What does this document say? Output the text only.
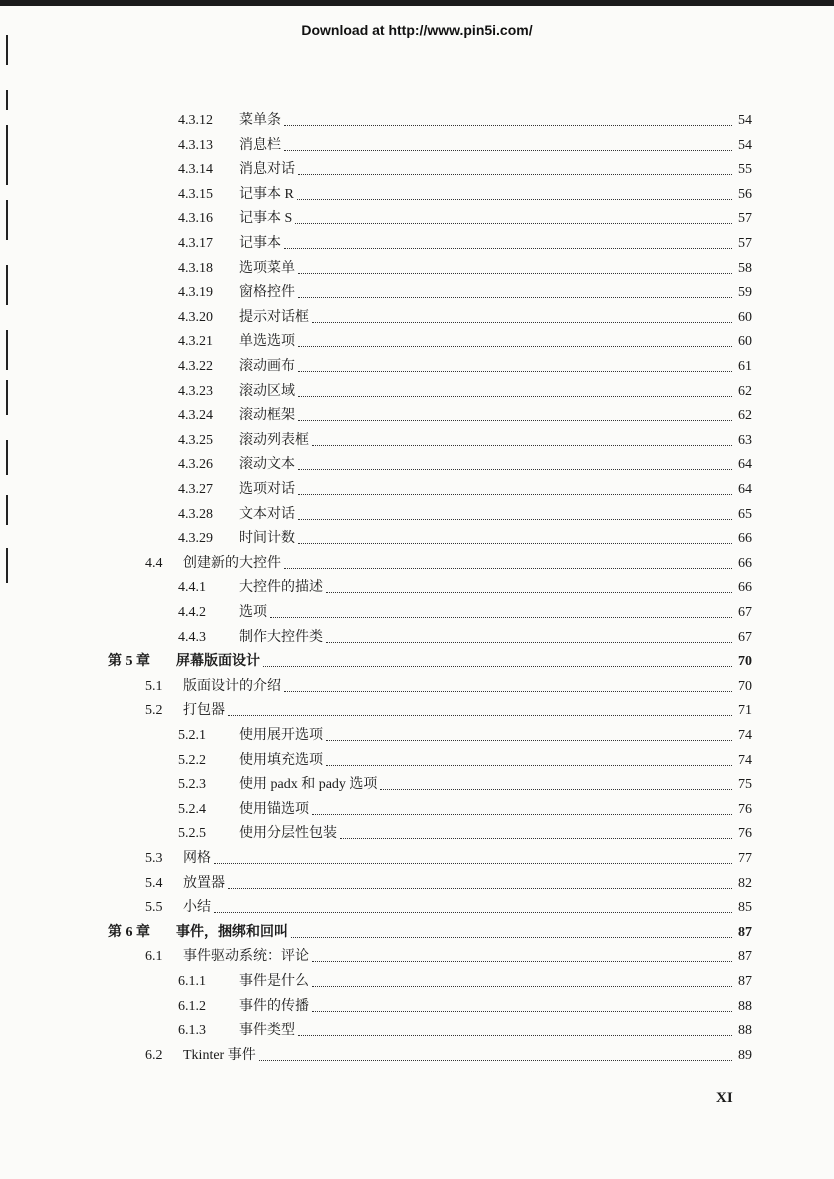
Download at http://www.pin5i.com/
4.3.12	菜单条	54
4.3.13	消息栏	54
4.3.14	消息对话	55
4.3.15	记事本 R	56
4.3.16	记事本 S	57
4.3.17	记事本	57
4.3.18	选项菜单	58
4.3.19	窗格控件	59
4.3.20	提示对话框	60
4.3.21	单选选项	60
4.3.22	滚动画布	61
4.3.23	滚动区域	62
4.3.24	滚动框架	62
4.3.25	滚动列表框	63
4.3.26	滚动文本	64
4.3.27	选项对话	64
4.3.28	文本对话	65
4.3.29	时间计数	66
4.4	创建新的大控件	66
4.4.1	大控件的描述	66
4.4.2	选项	67
4.4.3	制作大控件类	67
第 5 章	屏幕版面设计	70
5.1	版面设计的介绍	70
5.2	打包器	71
5.2.1	使用展开选项	74
5.2.2	使用填充选项	74
5.2.3	使用 padx 和 pady 选项	75
5.2.4	使用锚选项	76
5.2.5	使用分层性包装	76
5.3	网格	77
5.4	放置器	82
5.5	小结	85
第 6 章	事件，捆绑和回叫	87
6.1	事件驱动系统：评论	87
6.1.1	事件是什么	87
6.1.2	事件的传播	88
6.1.3	事件类型	88
6.2	Tkinter 事件	89
XI
